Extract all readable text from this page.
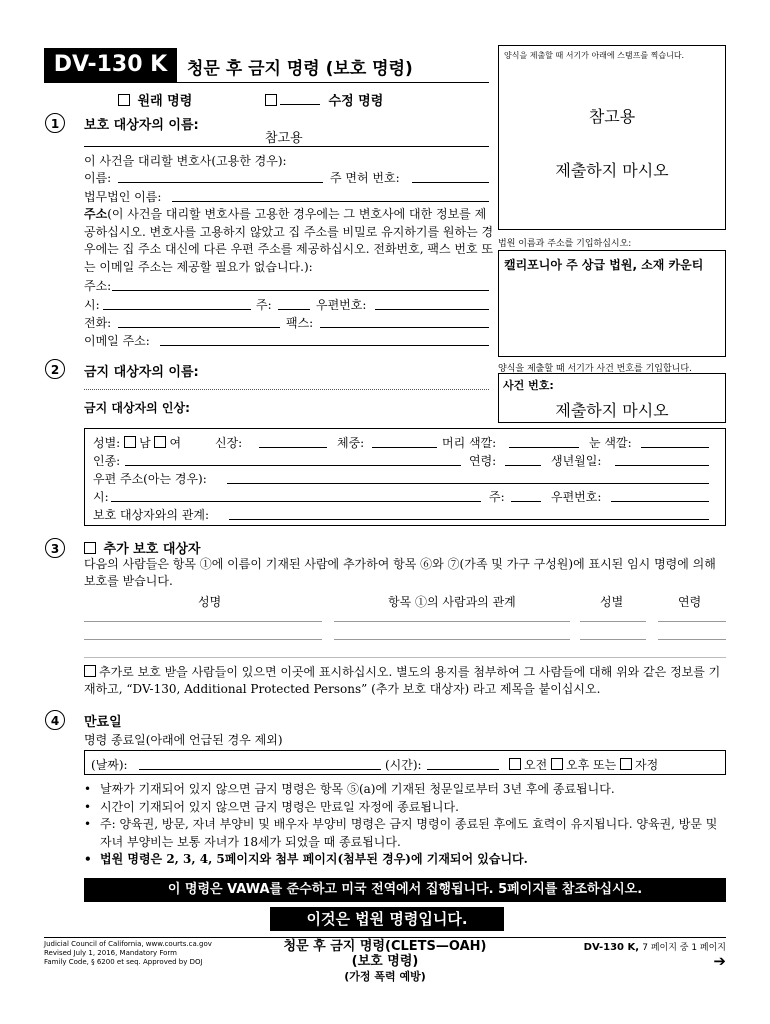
DV-130 K	청문 후 금지 명령 (보호 명령)
원래 명령	수정 명령
양식을 제출할 때 서기가 아래에 스탬프를 찍습니다.
참고용
제출하지 마시오
법원 이름과 주소를 기입하십시오:
캘리포니아 주 상급 법원, 소재 카운티
양식을 제출할 때 서기가 사건 번호를 기입합니다.
사건 번호:
제출하지 마시오
1	보호 대상자의 이름:
참고용
이 사건을 대리할 변호사(고용한 경우):
이름:	주 면허 번호:
법무법인 이름:
주소(이 사건을 대리할 변호사를 고용한 경우에는 그 변호사에 대한 정보를 제공하십시오. 변호사를 고용하지 않았고 집 주소를 비밀로 유지하기를 원하는 경우에는 집 주소 대신에 다른 우편 주소를 제공하십시오. 전화번호, 팩스 번호 또는 이메일 주소는 제공할 필요가 없습니다.):
주소:
시:	주:	우편번호:
전화:	팩스:
이메일 주소:
2	금지 대상자의 이름:
금지 대상자의 인상:
성별: 남 여	신장:	체중:	머리 색깔:	눈 색깔:
인종:	연령:	생년월일:
우편 주소(아는 경우):
시:	주:	우편번호:
보호 대상자와의 관계:
3	추가 보호 대상자
다음의 사람들은 항목 ①에 이름이 기재된 사람에 추가하여 항목 ⑥와 ⑦(가족 및 가구 구성원)에 표시된 임시 명령에 의해 보호를 받습니다.
성명	항목 ①의 사람과의 관계	성별	연령
추가로 보호 받을 사람들이 있으면 이곳에 표시하십시오. 별도의 용지를 첨부하여 그 사람들에 대해 위와 같은 정보를 기재하고, “DV-130, Additional Protected Persons” (추가 보호 대상자) 라고 제목을 붙이십시오.
4	만료일
명령 종료일(아래에 언급된 경우 제외)
(날짜):	(시간):	오전 오후 또는 자정
• 날짜가 기재되어 있지 않으면 금지 명령은 항목 ⑤(a)에 기재된 청문일로부터 3년 후에 종료됩니다.
• 시간이 기재되어 있지 않으면 금지 명령은 만료일 자정에 종료됩니다.
• 주: 양육권, 방문, 자녀 부양비 및 배우자 부양비 명령은 금지 명령이 종료된 후에도 효력이 유지됩니다. 양육권, 방문 및 자녀 부양비는 보통 자녀가 18세가 되었을 때 종료됩니다.
• 법원 명령은 2, 3, 4, 5페이지와 첨부 페이지(첨부된 경우)에 기재되어 있습니다.
이 명령은 VAWA를 준수하고 미국 전역에서 집행됩니다. 5페이지를 참조하십시오.
이것은 법원 명령입니다.
Judicial Council of California, www.courts.ca.gov
Revised July 1, 2016, Mandatory Form
Family Code, § 6200 et seq. Approved by DOJ
청문 후 금지 명령(CLETS—OAH)
(보호 명령)
(가정 폭력 예방)
DV-130 K, 7 페이지 중 1 페이지
➔
